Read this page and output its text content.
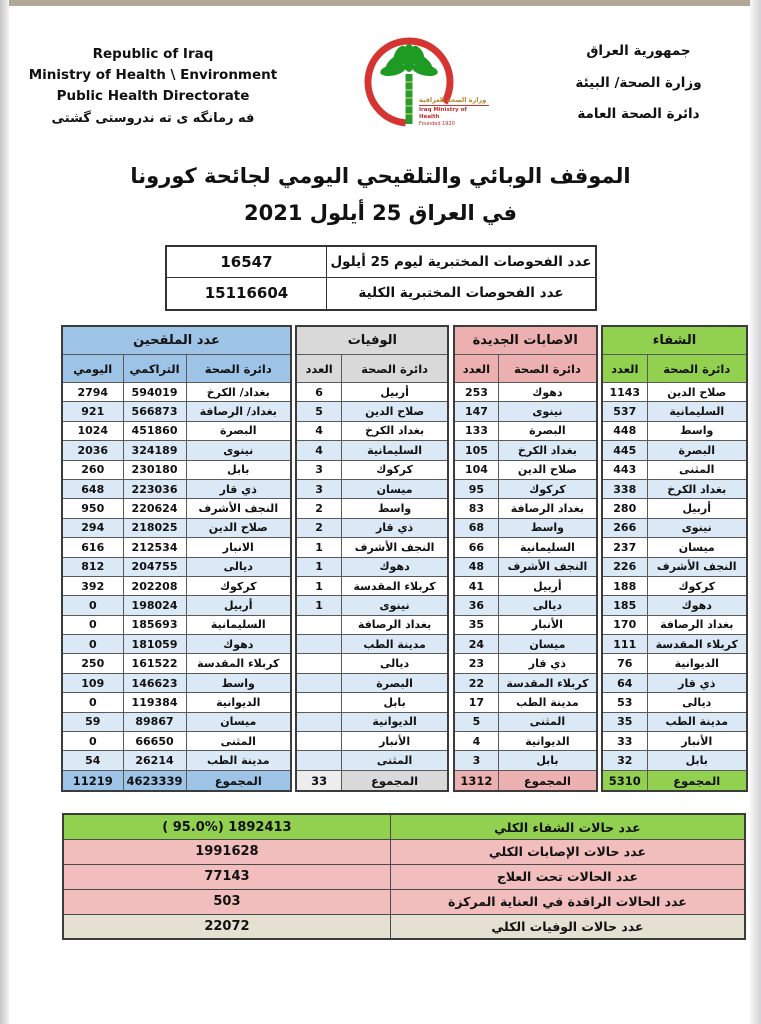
Republic of Iraq
Ministry of Health \ Environment
Public Health Directorate
فه رمانگه ی ته ندروستی گشتی
وزارة الصحة العراقية
Iraq Ministry of Health
Founded 1920
جمهورية العراق
وزارة الصحة/ البيئة
دائرة الصحة العامة
الموقف الوبائي والتلقيحي اليومي لجائحة كورونا
في العراق 25 أيلول 2021
عدد الفحوصات المختبرية ليوم 25 أيلول	16547
عدد الفحوصات المختبرية الكلية	15116604
الشفاء	
دائرة الصحة	العدد
صلاح الدين	1143
السليمانية	537
واسط	448
البصرة	445
المثنى	443
بغداد الكرخ	338
أربيل	280
نينوى	266
ميسان	237
النجف الأشرف	226
كركوك	188
دهوك	185
بغداد الرصافة	170
كربلاء المقدسة	111
الديوانية	76
ذي قار	64
ديالى	53
مدينة الطب	35
الأنبار	33
بابل	32
المجموع	5310
الاصابات الجديدة	
دائرة الصحة	العدد
دهوك	253
نينوى	147
البصرة	133
بغداد الكرخ	105
صلاح الدين	104
كركوك	95
بغداد الرصافة	83
واسط	68
السليمانية	66
النجف الأشرف	48
أربيل	41
ديالى	36
الأنبار	35
ميسان	24
ذي قار	23
كربلاء المقدسة	22
مدينة الطب	17
المثنى	5
الديوانية	4
بابل	3
المجموع	1312
الوفيات	
دائرة الصحة	العدد
أربيل	6
صلاح الدين	5
بغداد الكرخ	4
السليمانية	4
كركوك	3
ميسان	3
واسط	2
ذي قار	2
النجف الأشرف	1
دهوك	1
كربلاء المقدسة	1
نينوى	1
بغداد الرصافة	
مدينة الطب	
ديالى	
البصرة	
بابل	
الديوانية	
الأنبار	
المثنى	
المجموع	33
عدد الملقحين		
دائرة الصحة	التراكمي	اليومي
بغداد/ الكرخ	594019	2794
بغداد/ الرصافة	566873	921
البصرة	451860	1024
نينوى	324189	2036
بابل	230180	260
ذي قار	223036	648
النجف الأشرف	220624	950
صلاح الدين	218025	294
الانبار	212534	616
ديالى	204755	812
كركوك	202208	392
أربيل	198024	0
السليمانية	185693	0
دهوك	181059	0
كربلاء المقدسة	161522	250
واسط	146623	109
الديوانية	119384	0
ميسان	89867	59
المثنى	66650	0
مدينة الطب	26214	54
المجموع	4623339	11219
عدد حالات الشفاء الكلي	( 95.0%) 1892413
عدد حالات الإصابات الكلي	1991628
عدد الحالات تحت العلاج	77143
عدد الحالات الراقدة في العناية المركزة	503
عدد حالات الوفيات الكلي	22072
